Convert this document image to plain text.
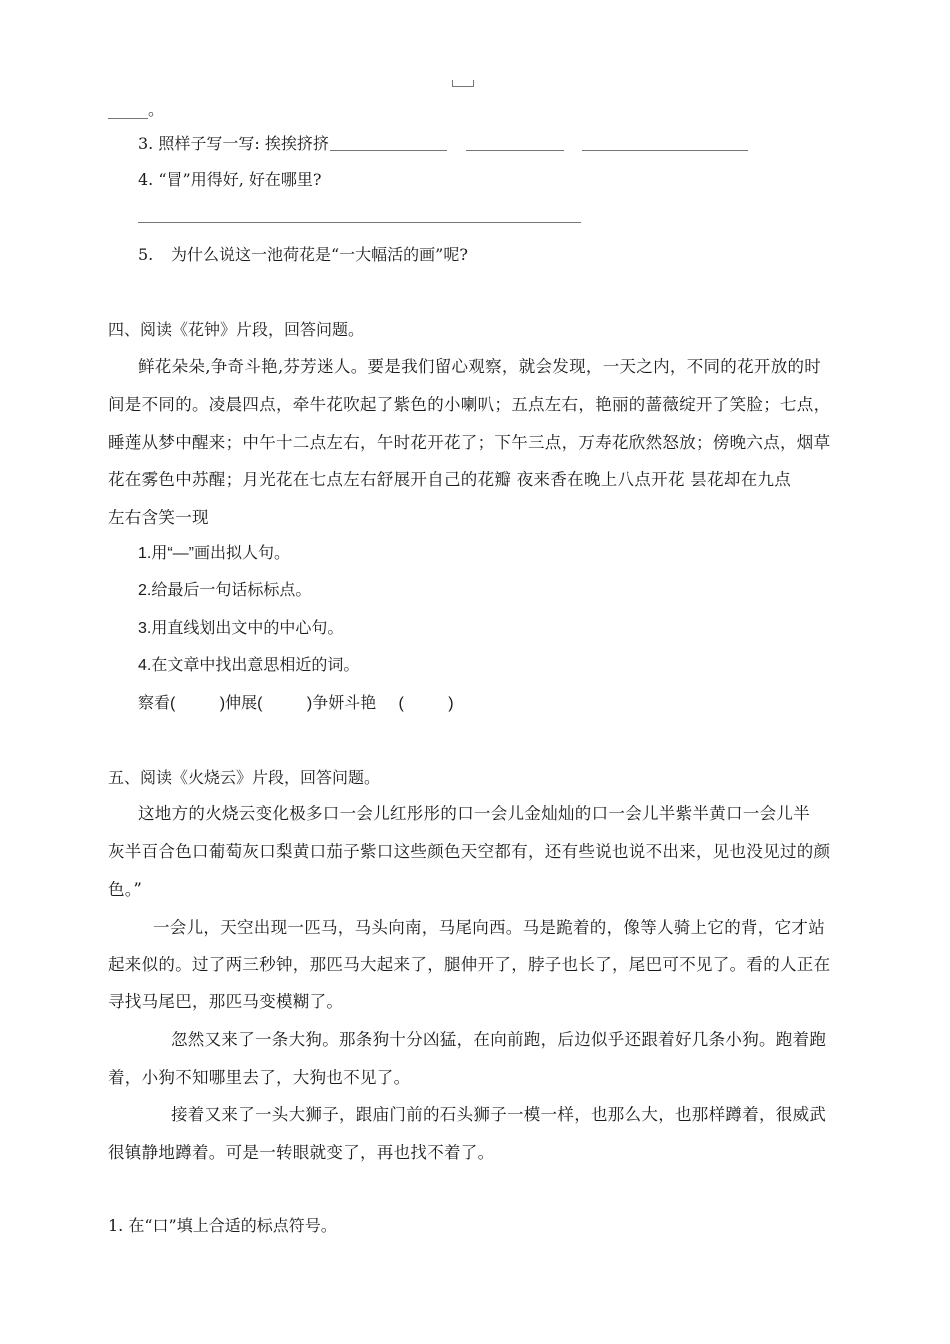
_____。
3. 照样子写一写: 挨挨挤挤
4. “冒”用得好, 好在哪里?
5. 为什么说这一池荷花是“一大幅活的画”呢?
四、阅读《花钟》片段，回答问题。
鲜花朵朵,争奇斗艳,芬芳迷人。要是我们留心观察，就会发现，一天之内，不同的花开放的时
间是不同的。凌晨四点，牵牛花吹起了紫色的小喇叭；五点左右，艳丽的蔷薇绽开了笑脸；七点，
睡莲从梦中醒来；中午十二点左右，午时花开花了；下午三点，万寿花欣然怒放；傍晚六点，烟草
花在雾色中苏醒；月光花在七点左右舒展开自己的花瓣 夜来香在晚上八点开花 昙花却在九点
左右含笑一现
1.用“—”画出拟人句。
2.给最后一句话标标点。
3.用直线划出文中的中心句。
4.在文章中找出意思相近的词。
察看(          )伸展(          )争妍斗艳     (          )
五、阅读《火烧云》片段，回答问题。
这地方的火烧云变化极多口一会儿红彤彤的口一会儿金灿灿的口一会儿半紫半黄口一会儿半
灰半百合色口葡萄灰口梨黄口茄子紫口这些颜色天空都有，还有些说也说不出来，见也没见过的颜
色。”
一会儿，天空出现一匹马，马头向南，马尾向西。马是跪着的，像等人骑上它的背，它才站
起来似的。过了两三秒钟，那匹马大起来了，腿伸开了，脖子也长了，尾巴可不见了。看的人正在
寻找马尾巴，那匹马变模糊了。
忽然又来了一条大狗。那条狗十分凶猛，在向前跑，后边似乎还跟着好几条小狗。跑着跑
着，小狗不知哪里去了，大狗也不见了。
接着又来了一头大狮子，跟庙门前的石头狮子一模一样，也那么大，也那样蹲着，很威武
很镇静地蹲着。可是一转眼就变了，再也找不着了。
1. 在“口”填上合适的标点符号。
